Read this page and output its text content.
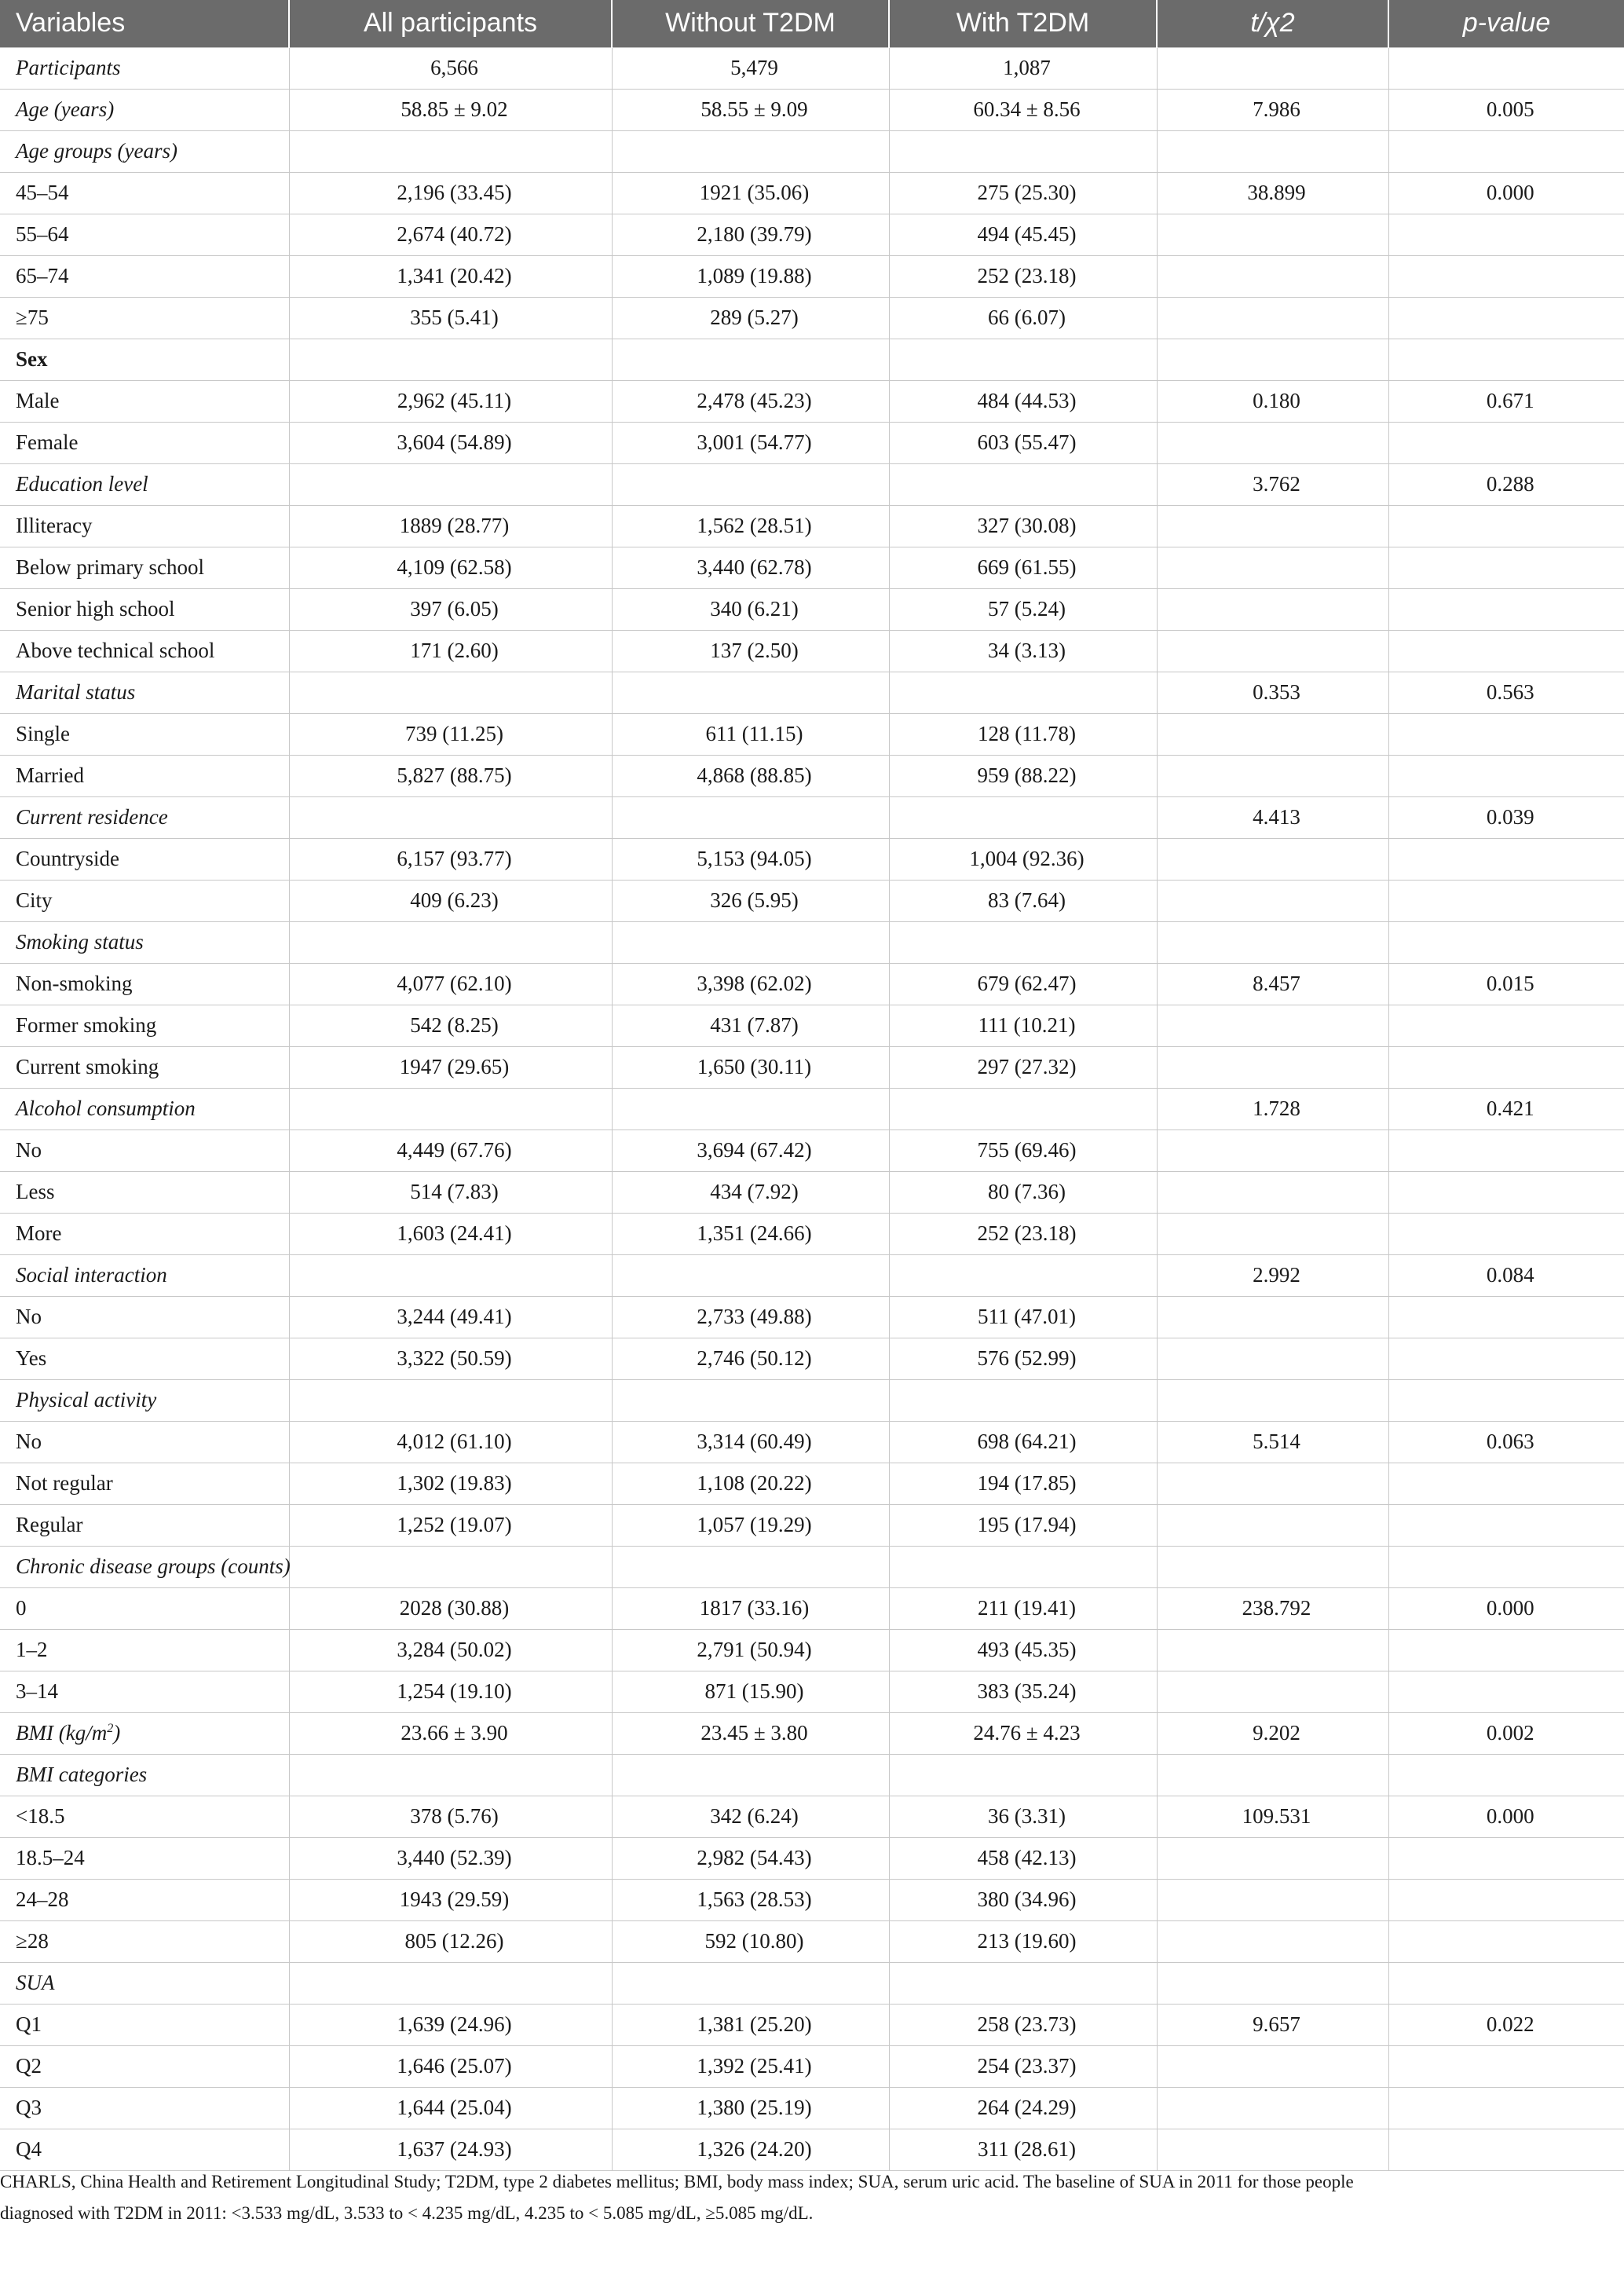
Variables	All participants	Without T2DM	With T2DM	t/χ2	p-value
Participants	6,566	5,479	1,087		
Age (years)	58.85 ± 9.02	58.55 ± 9.09	60.34 ± 8.56	7.986	0.005
Age groups (years)					
45–54	2,196 (33.45)	1921 (35.06)	275 (25.30)	38.899	0.000
55–64	2,674 (40.72)	2,180 (39.79)	494 (45.45)		
65–74	1,341 (20.42)	1,089 (19.88)	252 (23.18)		
≥75	355 (5.41)	289 (5.27)	66 (6.07)		
Sex					
Male	2,962 (45.11)	2,478 (45.23)	484 (44.53)	0.180	0.671
Female	3,604 (54.89)	3,001 (54.77)	603 (55.47)		
Education level				3.762	0.288
Illiteracy	1889 (28.77)	1,562 (28.51)	327 (30.08)		
Below primary school	4,109 (62.58)	3,440 (62.78)	669 (61.55)		
Senior high school	397 (6.05)	340 (6.21)	57 (5.24)		
Above technical school	171 (2.60)	137 (2.50)	34 (3.13)		
Marital status				0.353	0.563
Single	739 (11.25)	611 (11.15)	128 (11.78)		
Married	5,827 (88.75)	4,868 (88.85)	959 (88.22)		
Current residence				4.413	0.039
Countryside	6,157 (93.77)	5,153 (94.05)	1,004 (92.36)		
City	409 (6.23)	326 (5.95)	83 (7.64)		
Smoking status					
Non-smoking	4,077 (62.10)	3,398 (62.02)	679 (62.47)	8.457	0.015
Former smoking	542 (8.25)	431 (7.87)	111 (10.21)		
Current smoking	1947 (29.65)	1,650 (30.11)	297 (27.32)		
Alcohol consumption				1.728	0.421
No	4,449 (67.76)	3,694 (67.42)	755 (69.46)		
Less	514 (7.83)	434 (7.92)	80 (7.36)		
More	1,603 (24.41)	1,351 (24.66)	252 (23.18)		
Social interaction				2.992	0.084
No	3,244 (49.41)	2,733 (49.88)	511 (47.01)		
Yes	3,322 (50.59)	2,746 (50.12)	576 (52.99)		
Physical activity					
No	4,012 (61.10)	3,314 (60.49)	698 (64.21)	5.514	0.063
Not regular	1,302 (19.83)	1,108 (20.22)	194 (17.85)		
Regular	1,252 (19.07)	1,057 (19.29)	195 (17.94)		
Chronic disease groups (counts)					
0	2028 (30.88)	1817 (33.16)	211 (19.41)	238.792	0.000
1–2	3,284 (50.02)	2,791 (50.94)	493 (45.35)		
3–14	1,254 (19.10)	871 (15.90)	383 (35.24)		
BMI $(kg/m^2)$	23.66 ± 3.90	23.45 ± 3.80	24.76 ± 4.23	9.202	0.002
BMI categories					
<18.5	378 (5.76)	342 (6.24)	36 (3.31)	109.531	0.000
18.5–24	3,440 (52.39)	2,982 (54.43)	458 (42.13)		
24–28	1943 (29.59)	1,563 (28.53)	380 (34.96)		
≥28	805 (12.26)	592 (10.80)	213 (19.60)		
SUA					
Q1	1,639 (24.96)	1,381 (25.20)	258 (23.73)	9.657	0.022
Q2	1,646 (25.07)	1,392 (25.41)	254 (23.37)		
Q3	1,644 (25.04)	1,380 (25.19)	264 (24.29)		
Q4	1,637 (24.93)	1,326 (24.20)	311 (28.61)		
CHARLS, China Health and Retirement Longitudinal Study; T2DM, type 2 diabetes mellitus; BMI, body mass index; SUA, serum uric acid. The baseline of SUA in 2011 for those people
diagnosed with T2DM in 2011: <3.533 mg/dL, 3.533 to < 4.235 mg/dL, 4.235 to < 5.085 mg/dL, ≥5.085 mg/dL.
